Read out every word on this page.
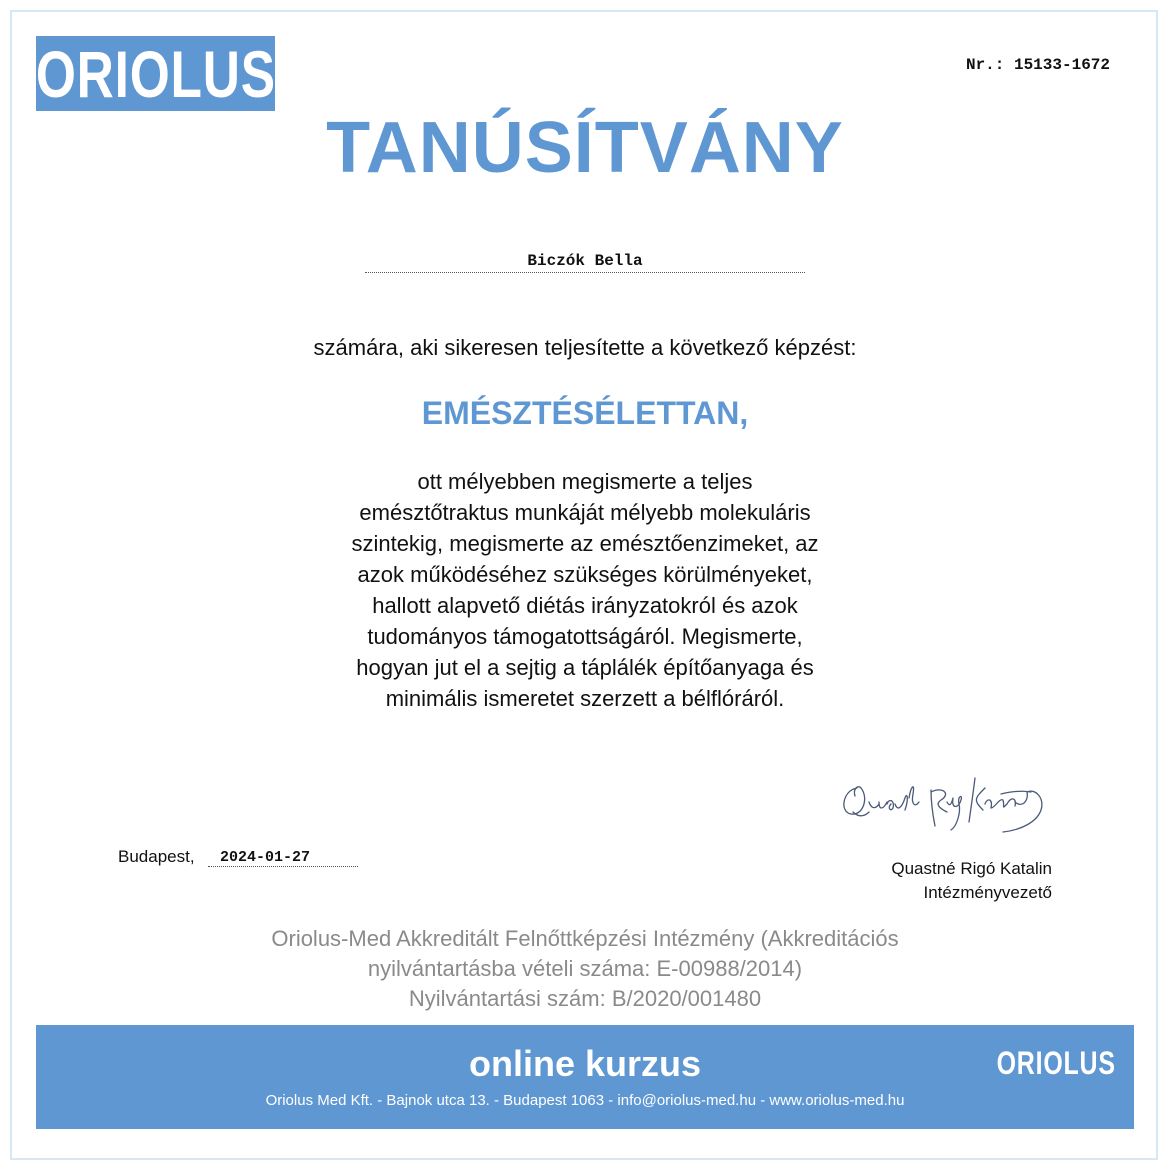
ORIOLUS	Nr.: 15133-1672
TANÚSÍTVÁNY
Biczók Bella
számára, aki sikeresen teljesítette a következő képzést:
EMÉSZTÉSÉLETTAN,
ott mélyebben megismerte a teljes
emésztőtraktus munkáját mélyebb molekuláris
szintekig, megismerte az emésztőenzimeket, az
azok működéséhez szükséges körülményeket,
hallott alapvető diétás irányzatokról és azok
tudományos támogatottságáról. Megismerte,
hogyan jut el a sejtig a táplálék építőanyaga és
minimális ismeretet szerzett a bélflóráról.
Quastné Rigó Katalin
Intézményvezető
Budapest,	2024-01-27
Oriolus-Med Akkreditált Felnőttképzési Intézmény (Akkreditációs
nyilvántartásba vételi száma: E-00988/2014)
Nyilvántartási szám: B/2020/001480
online kurzus
Oriolus Med Kft. - Bajnok utca 13. - Budapest 1063 - info@oriolus-med.hu - www.oriolus-med.hu
ORIOLUS
